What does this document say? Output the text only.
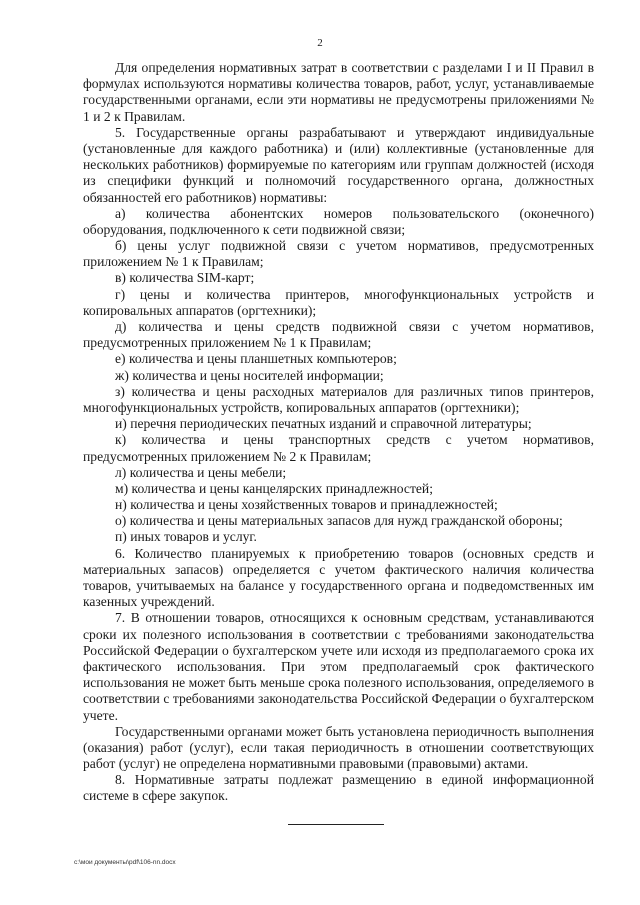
2

Для определения нормативных затрат в соответствии с разделами I и II Правил в формулах используются нормативы количества товаров, работ, услуг, устанавливаемые государственными органами, если эти нормативы не предусмотрены приложениями № 1 и 2 к Правилам.

5. Государственные органы разрабатывают и утверждают индивидуальные (установленные для каждого работника) и (или) коллективные (установленные для нескольких работников) формируемые по категориям или группам должностей (исходя из специфики функций и полномочий государственного органа, должностных обязанностей его работников) нормативы:

а) количества абонентских номеров пользовательского (оконечного) оборудования, подключенного к сети подвижной связи;

б) цены услуг подвижной связи с учетом нормативов, предусмотренных приложением № 1 к Правилам;

в) количества SIM-карт;

г) цены и количества принтеров, многофункциональных устройств и копировальных аппаратов (оргтехники);

д) количества и цены средств подвижной связи с учетом нормативов, предусмотренных приложением № 1 к Правилам;

е) количества и цены планшетных компьютеров;

ж) количества и цены носителей информации;

з) количества и цены расходных материалов для различных типов принтеров, многофункциональных устройств, копировальных аппаратов (оргтехники);

и) перечня периодических печатных изданий и справочной литературы;

к) количества и цены транспортных средств с учетом нормативов, предусмотренных приложением № 2 к Правилам;

л) количества и цены мебели;

м) количества и цены канцелярских принадлежностей;

н) количества и цены хозяйственных товаров и принадлежностей;

о) количества и цены материальных запасов для нужд гражданской обороны;

п) иных товаров и услуг.

6. Количество планируемых к приобретению товаров (основных средств и материальных запасов) определяется с учетом фактического наличия количества товаров, учитываемых на балансе у государственного органа и подведомственных им казенных учреждений.

7. В отношении товаров, относящихся к основным средствам, устанавливаются сроки их полезного использования в соответствии с требованиями законодательства Российской Федерации о бухгалтерском учете или исходя из предполагаемого срока их фактического использования. При этом предполагаемый срок фактического использования не может быть меньше срока полезного использования, определяемого в соответствии с требованиями законодательства Российской Федерации о бухгалтерском учете.

Государственными органами может быть установлена периодичность выполнения (оказания) работ (услуг), если такая периодичность в отношении соответствующих работ (услуг) не определена нормативными правовыми (правовыми) актами.

8. Нормативные затраты подлежат размещению в единой информационной системе в сфере закупок.

c:\мои документы\pdf\106-nn.docx
